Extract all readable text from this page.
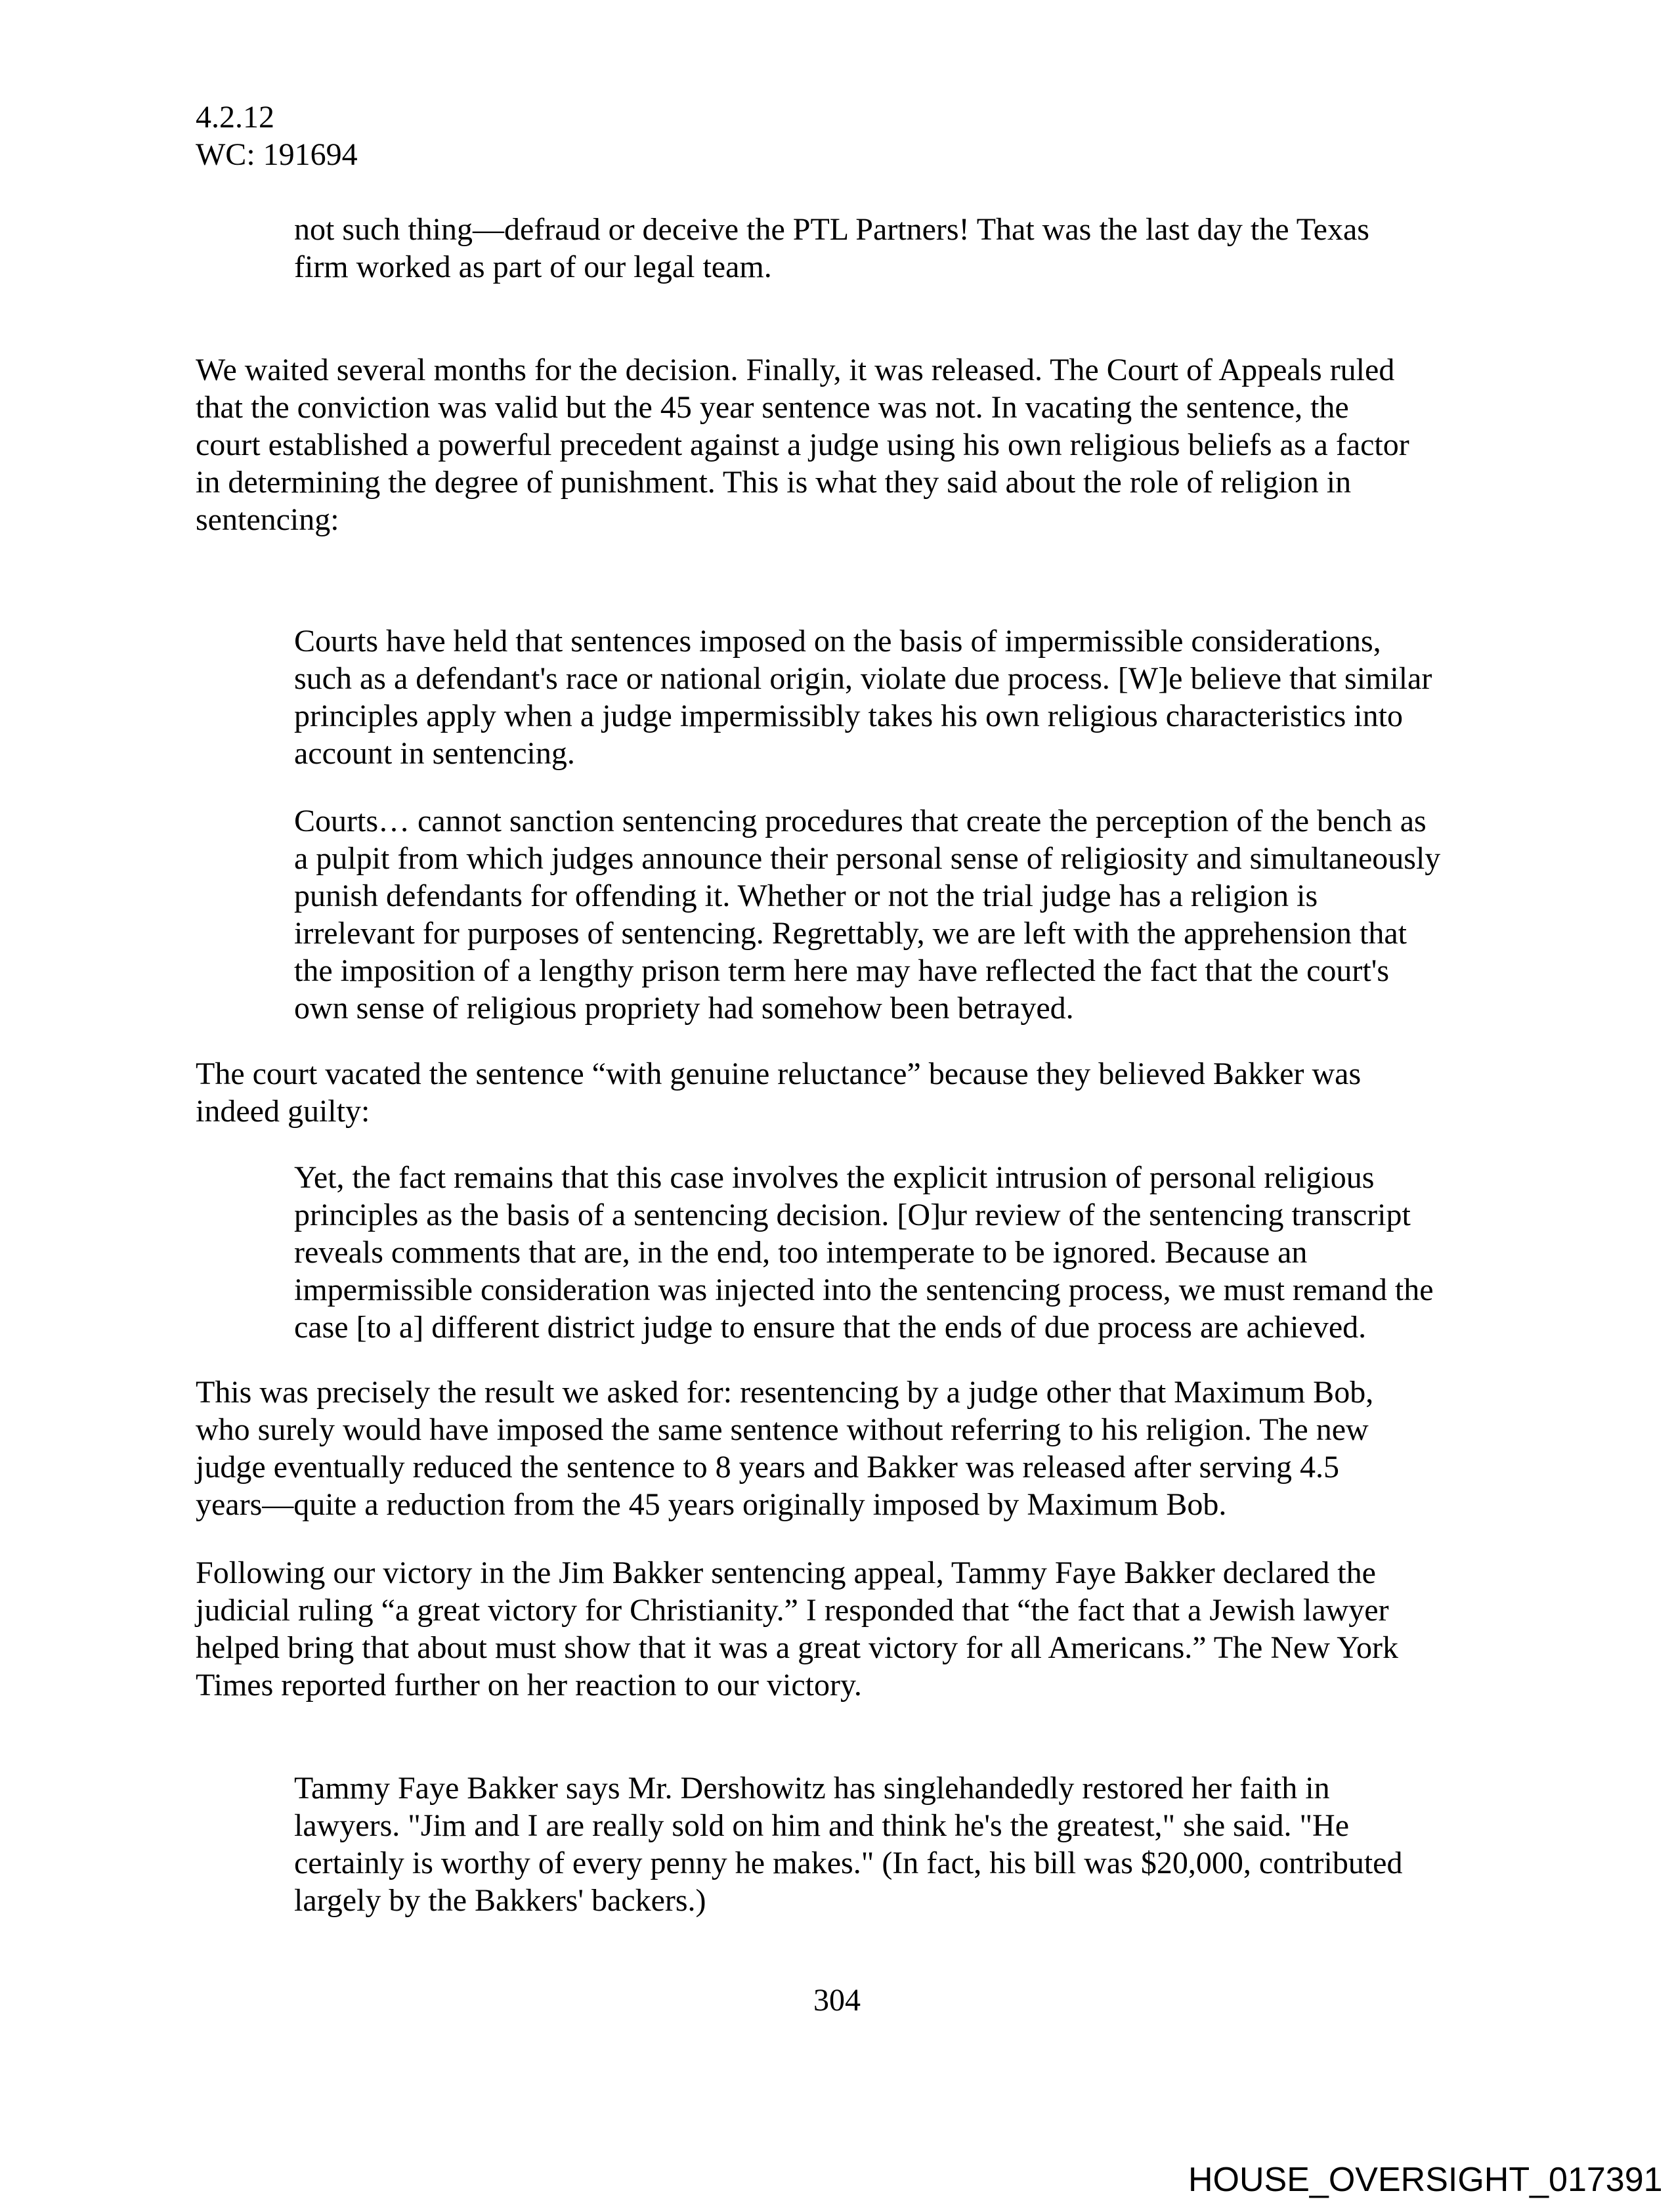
4.2.12
WC: 191694
not such thing—defraud or deceive the PTL Partners! That was the last day the Texas
firm worked as part of our legal team.
We waited several months for the decision. Finally, it was released. The Court of Appeals ruled
that the conviction was valid but the 45 year sentence was not. In vacating the sentence, the
court established a powerful precedent against a judge using his own religious beliefs as a factor
in determining the degree of punishment. This is what they said about the role of religion in
sentencing:
Courts have held that sentences imposed on the basis of impermissible considerations,
such as a defendant's race or national origin, violate due process. [W]e believe that similar
principles apply when a judge impermissibly takes his own religious characteristics into
account in sentencing.
Courts… cannot sanction sentencing procedures that create the perception of the bench as
a pulpit from which judges announce their personal sense of religiosity and simultaneously
punish defendants for offending it. Whether or not the trial judge has a religion is
irrelevant for purposes of sentencing. Regrettably, we are left with the apprehension that
the imposition of a lengthy prison term here may have reflected the fact that the court's
own sense of religious propriety had somehow been betrayed.
The court vacated the sentence “with genuine reluctance” because they believed Bakker was
indeed guilty:
Yet, the fact remains that this case involves the explicit intrusion of personal religious
principles as the basis of a sentencing decision. [O]ur review of the sentencing transcript
reveals comments that are, in the end, too intemperate to be ignored. Because an
impermissible consideration was injected into the sentencing process, we must remand the
case [to a] different district judge to ensure that the ends of due process are achieved.
This was precisely the result we asked for: resentencing by a judge other that Maximum Bob,
who surely would have imposed the same sentence without referring to his religion. The new
judge eventually reduced the sentence to 8 years and Bakker was released after serving 4.5
years—quite a reduction from the 45 years originally imposed by Maximum Bob.
Following our victory in the Jim Bakker sentencing appeal, Tammy Faye Bakker declared the
judicial ruling “a great victory for Christianity.” I responded that “the fact that a Jewish lawyer
helped bring that about must show that it was a great victory for all Americans.” The New York
Times reported further on her reaction to our victory.
Tammy Faye Bakker says Mr. Dershowitz has singlehandedly restored her faith in
lawyers. "Jim and I are really sold on him and think he's the greatest," she said. "He
certainly is worthy of every penny he makes." (In fact, his bill was $20,000, contributed
largely by the Bakkers' backers.)
304
HOUSE_OVERSIGHT_017391
